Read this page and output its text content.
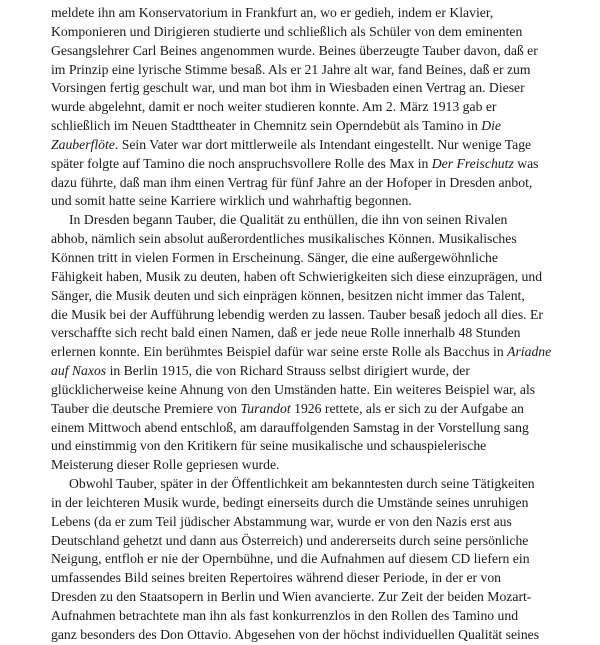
meldete ihn am Konservatorium in Frankfurt an, wo er gedieh, indem er Klavier,
Komponieren und Dirigieren studierte und schließlich als Schüler von dem eminenten
Gesangslehrer Carl Beines angenommen wurde. Beines überzeugte Tauber davon, daß er
im Prinzip eine lyrische Stimme besaß. Als er 21 Jahre alt war, fand Beines, daß er zum
Vorsingen fertig geschult war, und man bot ihm in Wiesbaden einen Vertrag an. Dieser
wurde abgelehnt, damit er noch weiter studieren konnte. Am 2. März 1913 gab er
schließlich im Neuen Stadttheater in Chemnitz sein Operndebüt als Tamino in Die
Zauberflöte. Sein Vater war dort mittlerweile als Intendant eingestellt. Nur wenige Tage
später folgte auf Tamino die noch anspruchsvollere Rolle des Max in Der Freischutz was
dazu führte, daß man ihm einen Vertrag für fünf Jahre an der Hofoper in Dresden anbot,
und somit hatte seine Karriere wirklich und wahrhaftig begonnen.
In Dresden begann Tauber, die Qualität zu enthüllen, die ihn von seinen Rivalen
abhob, nämlich sein absolut außerordentliches musikalisches Können. Musikalisches
Können tritt in vielen Formen in Erscheinung. Sänger, die eine außergewöhnliche
Fähigkeit haben, Musik zu deuten, haben oft Schwierigkeiten sich diese einzuprägen, und
Sänger, die Musik deuten und sich einprägen können, besitzen nicht immer das Talent,
die Musik bei der Aufführung lebendig werden zu lassen. Tauber besaß jedoch all dies. Er
verschaffte sich recht bald einen Namen, daß er jede neue Rolle innerhalb 48 Stunden
erlernen konnte. Ein berühmtes Beispiel dafür war seine erste Rolle als Bacchus in Ariadne
auf Naxos in Berlin 1915, die von Richard Strauss selbst dirigiert wurde, der
glücklicherweise keine Ahnung von den Umständen hatte. Ein weiteres Beispiel war, als
Tauber die deutsche Premiere von Turandot 1926 rettete, als er sich zu der Aufgabe an
einem Mittwoch abend entschloß, am darauffolgenden Samstag in der Vorstellung sang
und einstimmig von den Kritikern für seine musikalische und schauspielerische
Meisterung dieser Rolle gepriesen wurde.
Obwohl Tauber, später in der Öffentlichkeit am bekanntesten durch seine Tätigkeiten
in der leichteren Musik wurde, bedingt einerseits durch die Umstände seines unruhigen
Lebens (da er zum Teil jüdischer Abstammung war, wurde er von den Nazis erst aus
Deutschland gehetzt und dann aus Österreich) und andererseits durch seine persönliche
Neigung, entfloh er nie der Opernbühne, und die Aufnahmen auf diesem CD liefern ein
umfassendes Bild seines breiten Repertoires während dieser Periode, in der er von
Dresden zu den Staatsopern in Berlin und Wien avancierte. Zur Zeit der beiden Mozart-
Aufnahmen betrachtete man ihn als fast konkurrenzlos in den Rollen des Tamino und
ganz besonders des Don Ottavio. Abgesehen von der höchst individuellen Qualität seines
